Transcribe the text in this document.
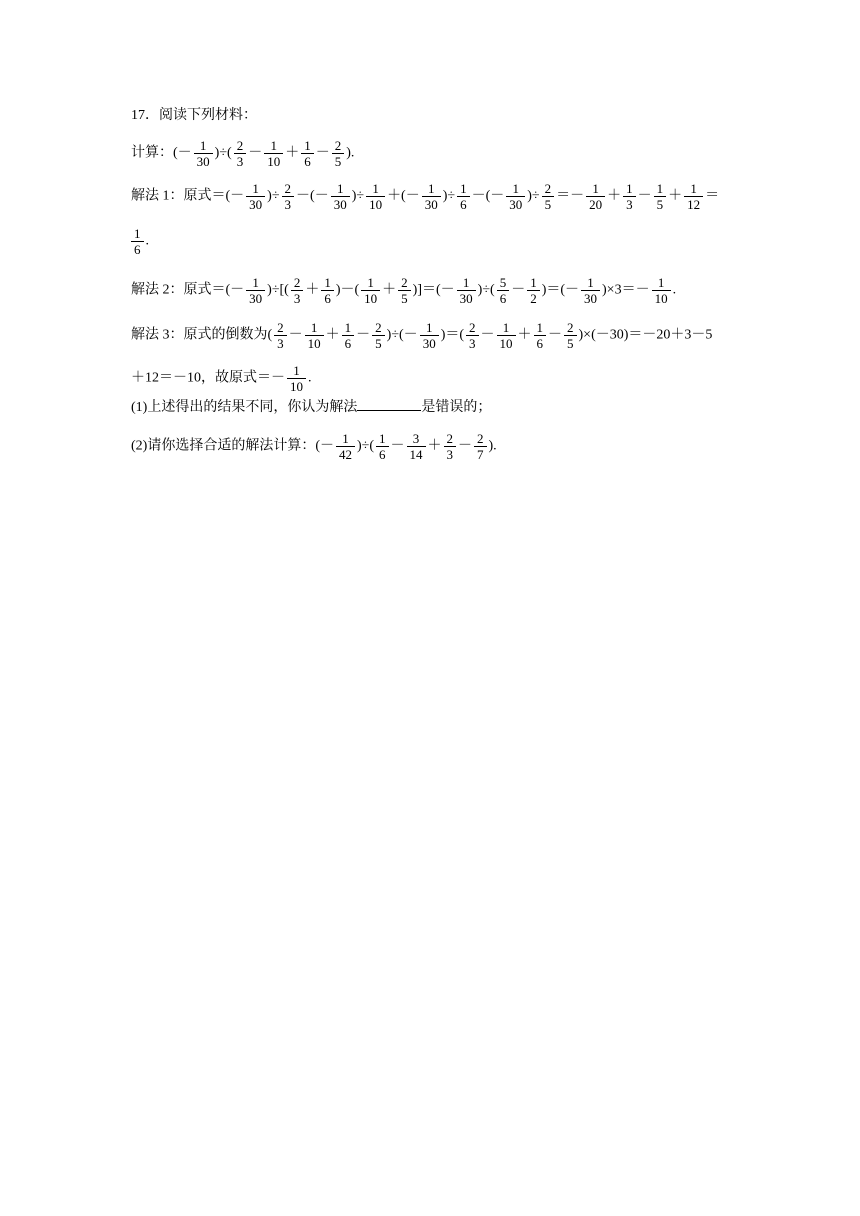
17．阅读下列材料：
计算：(－ $\frac{1}{30}$ )÷( $\frac{2}{3} - \frac{1}{10} + \frac{1}{6} - \frac{2}{5}$ ).
解法 1：原式＝(－ $\frac{1}{30}$ )÷ $\frac{2}{3}$ －(－ $\frac{1}{30}$ )÷ $\frac{1}{10}$ ＋(－ $\frac{1}{30}$ )÷ $\frac{1}{6}$ －(－ $\frac{1}{30}$ )÷ $\frac{2}{5} =- \frac{1}{20} + \frac{1}{3} - \frac{1}{5} + \frac{1}{12}$ ＝
$\frac{1}{6}$ .
解法 2：原式＝(－ $\frac{1}{30}$ )÷[( $\frac{2}{3} + \frac{1}{6}$ )－( $\frac{1}{10} + \frac{2}{5}$ )]＝(－ $\frac{1}{30}$ )÷( $\frac{5}{6} - \frac{1}{2}$ )＝(－ $\frac{1}{30} )\times 3=- \frac{1}{10}$ .
解法 3：原式的倒数为( $\frac{2}{3} - \frac{1}{10} + \frac{1}{6} - \frac{2}{5}$ )÷(－ $\frac{1}{30}$ )＝( $\frac{2}{3} - \frac{1}{10} + \frac{1}{6} - \frac{2}{5} )\times(-30)=-20+3-5$
＋12＝－10，故原式＝－ $\frac{1}{10}$ .
(1)上述得出的结果不同，你认为解法	是错误的；
(2)请你选择合适的解法计算：(－ $\frac{1}{42}$ )÷( $\frac{1}{6} - \frac{3}{14} + \frac{2}{3} - \frac{2}{7}$ ).
